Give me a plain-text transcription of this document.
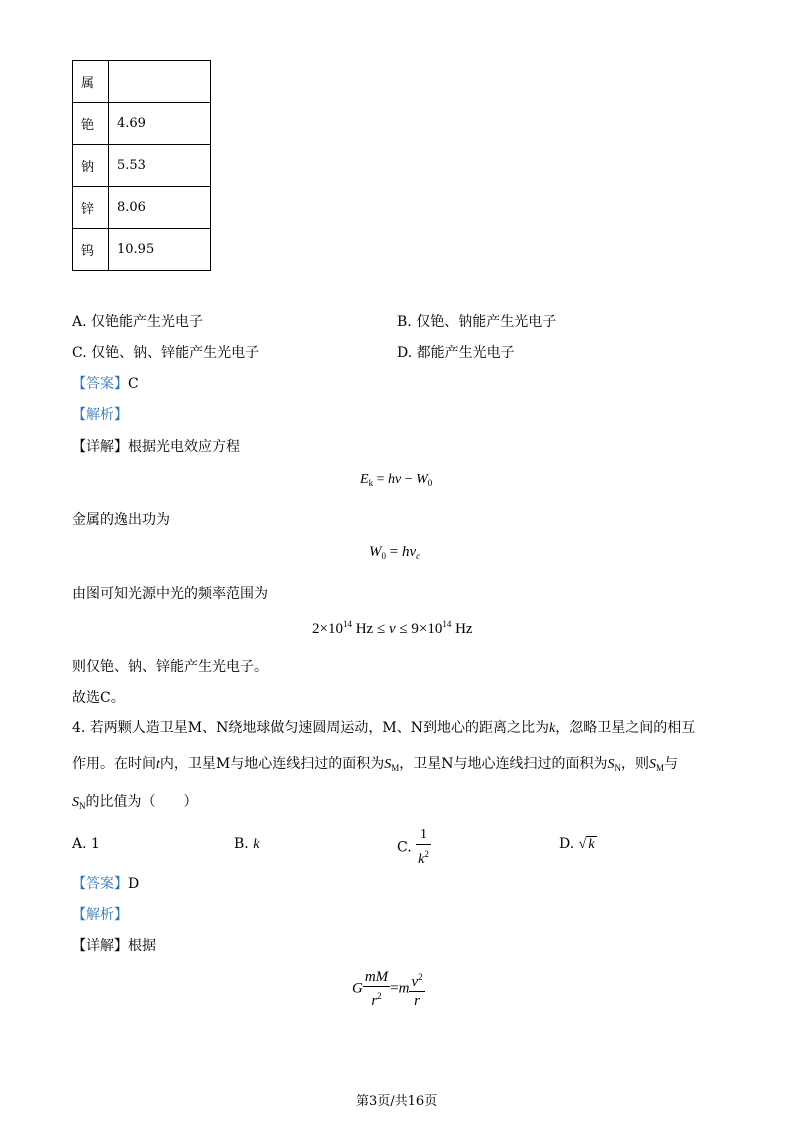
属	
铯	4.69
钠	5.53
锌	8.06
钨	10.95
A. 仅铯能产生光电子	B. 仅铯、钠能产生光电子
C. 仅铯、钠、锌能产生光电子	D. 都能产生光电子
【答案】C
【解析】
【详解】根据光电效应方程
$E_k = h\nu - W_0$
金属的逸出功为
$W_0 = h\nu_c$
由图可知光源中光的频率范围为
$2\times 10^{14}$ $Hz \le \nu \le 9\times 10^{14}$ Hz
则仅铯、钠、锌能产生光电子。
故选C。
4. 若两颗人造卫星M、N绕地球做匀速圆周运动，M、N到地心的距离之比为k，忽略卫星之间的相互
作用。在时间t内，卫星M与地心连线扫过的面积为$S_M$，卫星N与地心连线扫过的面积为$S_N$，则$S_M$与
$S_N$的比值为（　　）
A. 1	B. k	C. $\frac{1}{k^2}$	D. √ k
【答案】D
【解析】
【详解】根据
G $\frac{mM}{r^2} =m \frac{v^2}{r}$
第3页/共16页
